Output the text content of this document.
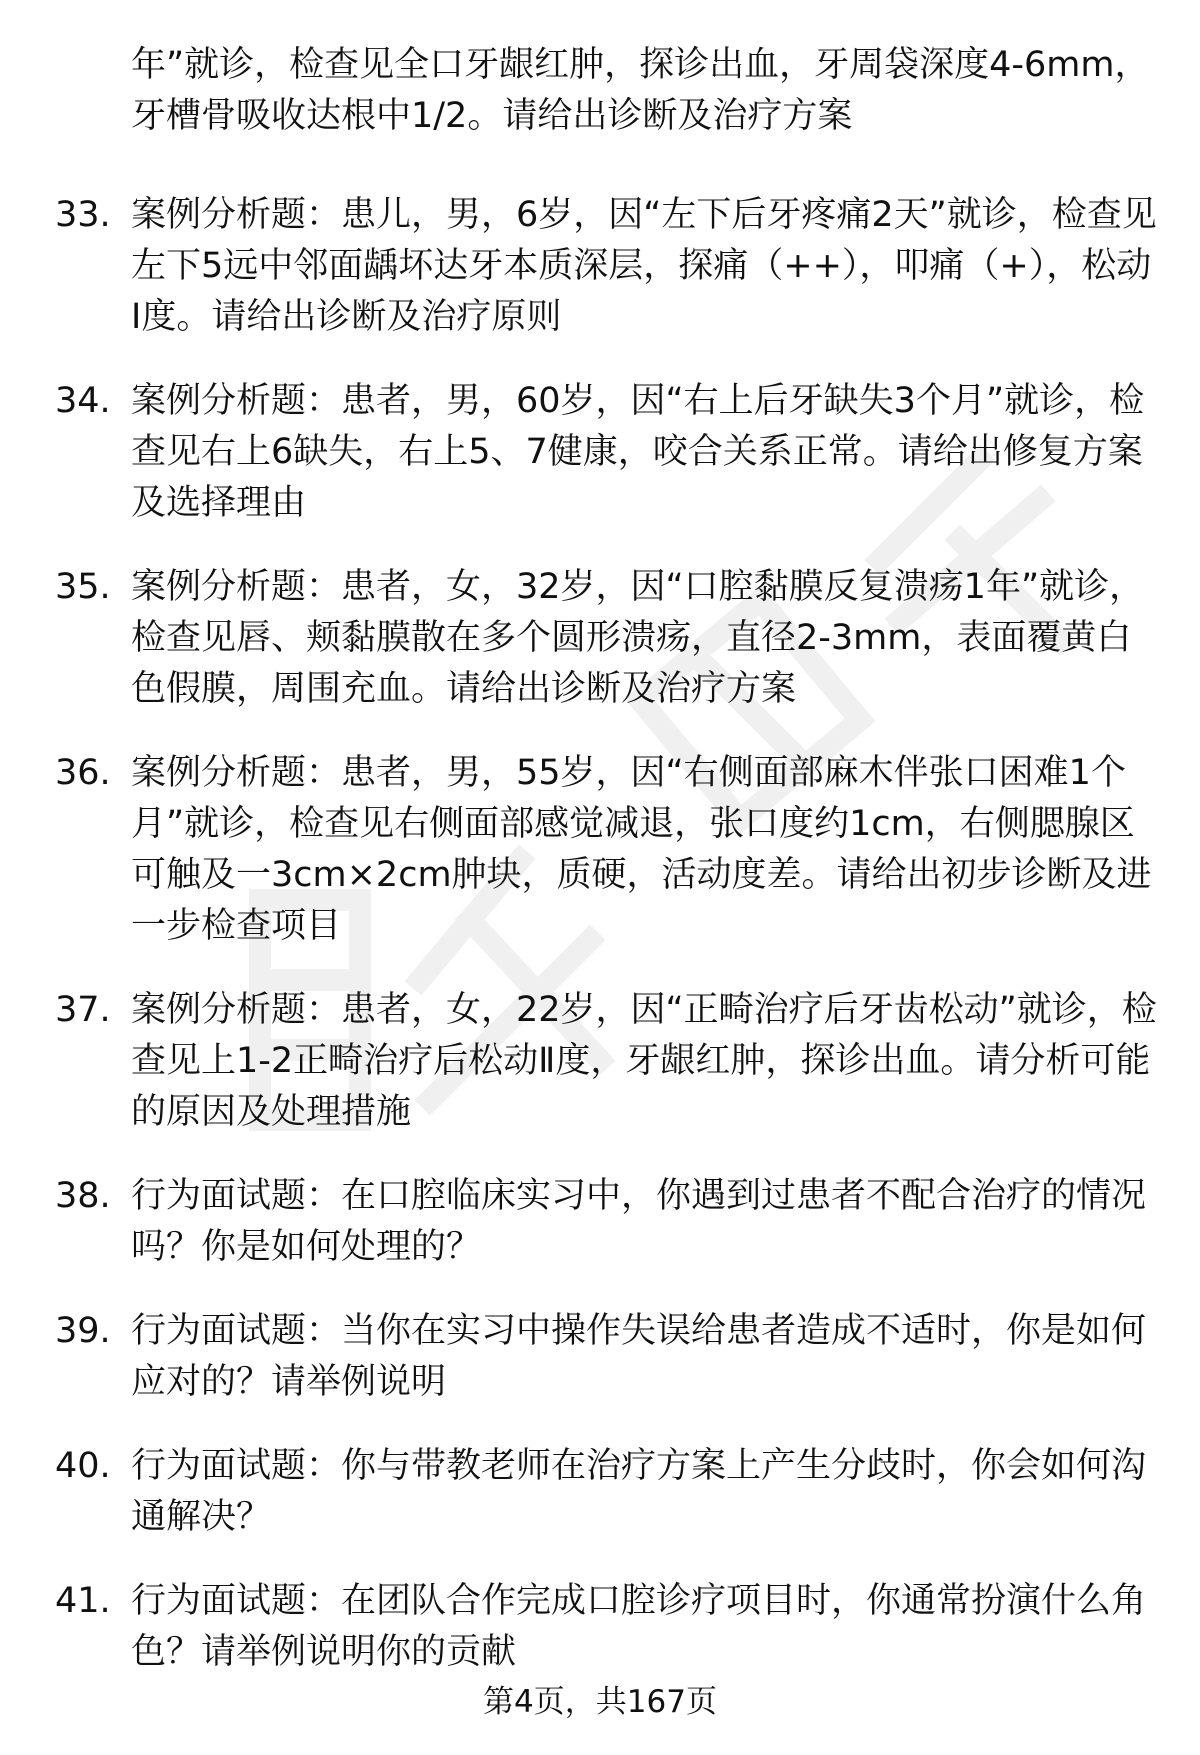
年”就诊，检查见全口牙龈红肿，探诊出血，牙周袋深度4-6mm，牙槽骨吸收达根中1/2。请给出诊断及治疗方案
33. 案例分析题：患儿，男，6岁，因“左下后牙疼痛2天”就诊，检查见左下5远中邻面龋坏达牙本质深层，探痛（++），叩痛（+），松动Ⅰ度。请给出诊断及治疗原则
34. 案例分析题：患者，男，60岁，因“右上后牙缺失3个月”就诊，检查见右上6缺失，右上5、7健康，咬合关系正常。请给出修复方案及选择理由
35. 案例分析题：患者，女，32岁，因“口腔黏膜反复溃疡1年”就诊，检查见唇、颊黏膜散在多个圆形溃疡，直径2-3mm，表面覆黄白色假膜，周围充血。请给出诊断及治疗方案
36. 案例分析题：患者，男，55岁，因“右侧面部麻木伴张口困难1个月”就诊，检查见右侧面部感觉减退，张口度约1cm，右侧腮腺区可触及一3cm×2cm肿块，质硬，活动度差。请给出初步诊断及进一步检查项目
37. 案例分析题：患者，女，22岁，因“正畸治疗后牙齿松动”就诊，检查见上1-2正畸治疗后松动Ⅱ度，牙龈红肿，探诊出血。请分析可能的原因及处理措施
38. 行为面试题：在口腔临床实习中，你遇到过患者不配合治疗的情况吗？你是如何处理的？
39. 行为面试题：当你在实习中操作失误给患者造成不适时，你是如何应对的？请举例说明
40. 行为面试题：你与带教老师在治疗方案上产生分歧时，你会如何沟通解决？
41. 行为面试题：在团队合作完成口腔诊疗项目时，你通常扮演什么角色？请举例说明你的贡献
第4页，共167页
